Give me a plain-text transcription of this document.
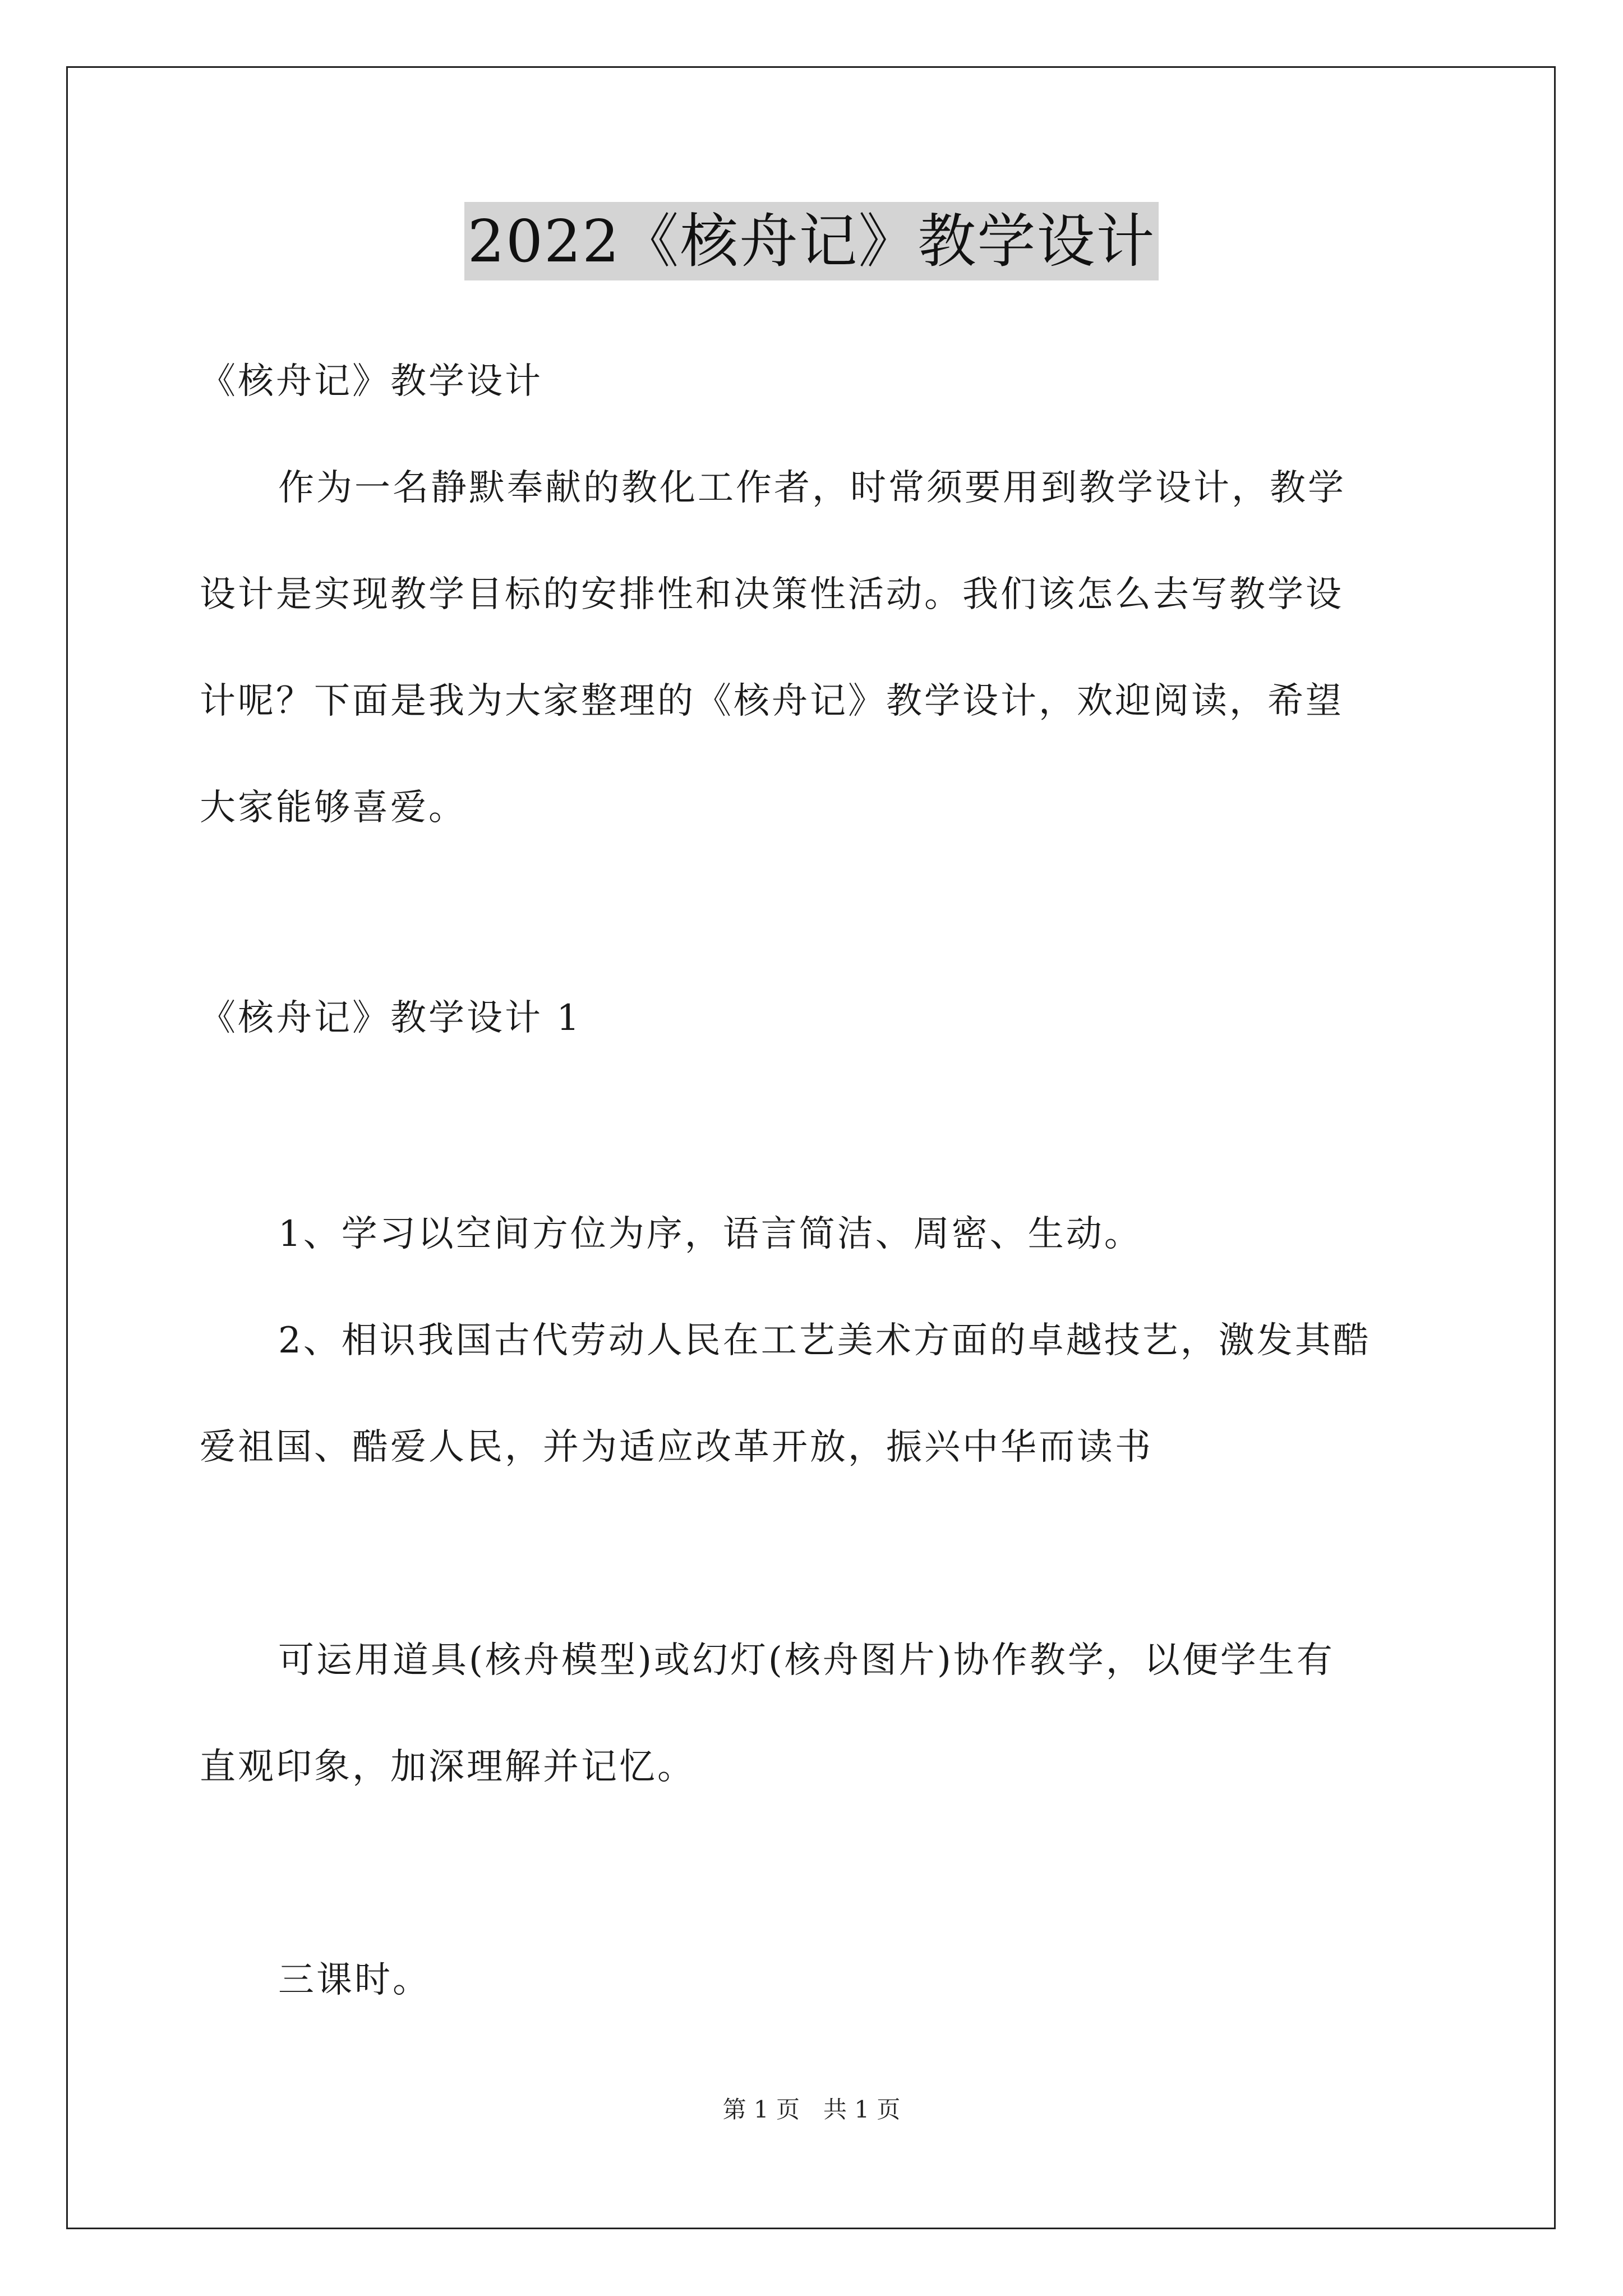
2022《核舟记》教学设计
《核舟记》教学设计
作为一名静默奉献的教化工作者，时常须要用到教学设计，教学
设计是实现教学目标的安排性和决策性活动。我们该怎么去写教学设
计呢？下面是我为大家整理的《核舟记》教学设计，欢迎阅读，希望
大家能够喜爱。
《核舟记》教学设计 1
1、学习以空间方位为序，语言简洁、周密、生动。
2、相识我国古代劳动人民在工艺美术方面的卓越技艺，激发其酷
爱祖国、酷爱人民，并为适应改革开放，振兴中华而读书
可运用道具(核舟模型)或幻灯(核舟图片)协作教学，以便学生有
直观印象，加深理解并记忆。
三课时。
第 1 页　共 1 页
